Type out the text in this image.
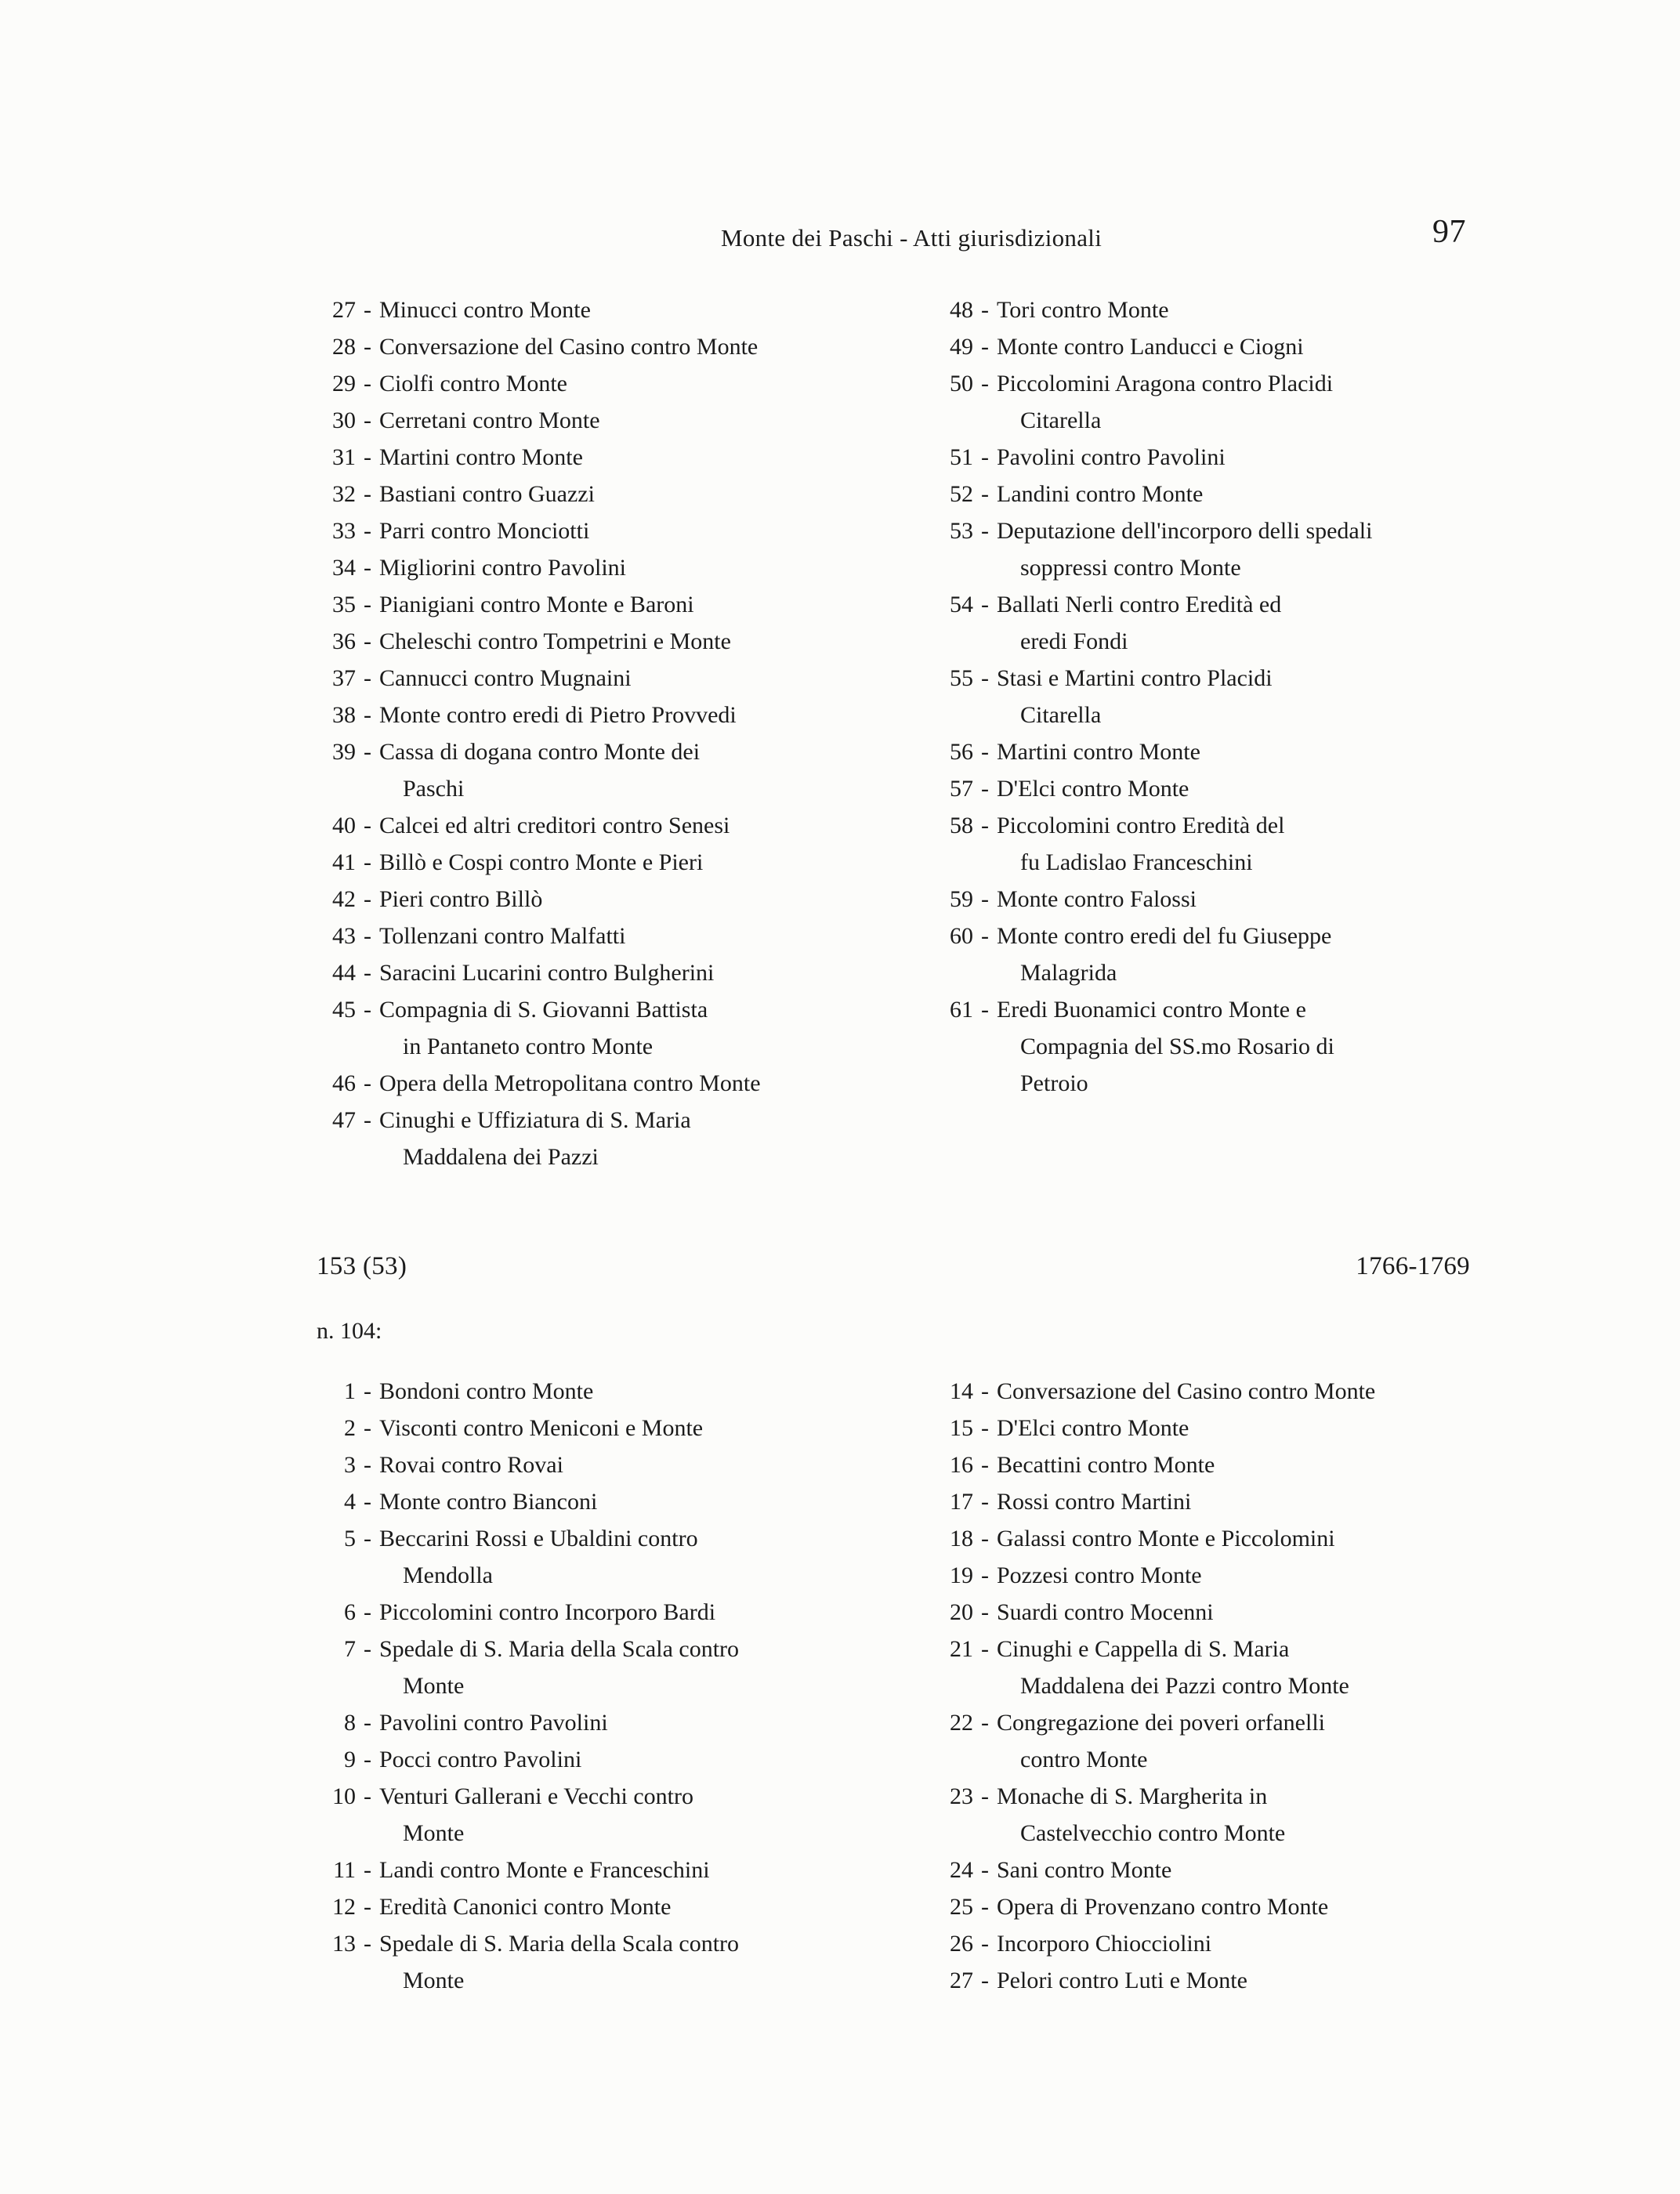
Monte dei Paschi - Atti giurisdizionali	97
27 - Minucci contro Monte
28 - Conversazione del Casino contro Monte
29 - Ciolfi contro Monte
30 - Cerretani contro Monte
31 - Martini contro Monte
32 - Bastiani contro Guazzi
33 - Parri contro Monciotti
34 - Migliorini contro Pavolini
35 - Pianigiani contro Monte e Baroni
36 - Cheleschi contro Tompetrini e Monte
37 - Cannucci contro Mugnaini
38 - Monte contro eredi di Pietro Provvedi
39 - Cassa di dogana contro Monte dei
Paschi
40 - Calcei ed altri creditori contro Senesi
41 - Billò e Cospi contro Monte e Pieri
42 - Pieri contro Billò
43 - Tollenzani contro Malfatti
44 - Saracini Lucarini contro Bulgherini
45 - Compagnia di S. Giovanni Battista
in Pantaneto contro Monte
46 - Opera della Metropolitana contro Monte
47 - Cinughi e Uffiziatura di S. Maria
Maddalena dei Pazzi
48 - Tori contro Monte
49 - Monte contro Landucci e Ciogni
50 - Piccolomini Aragona contro Placidi
Citarella
51 - Pavolini contro Pavolini
52 - Landini contro Monte
53 - Deputazione dell'incorporo delli spedali
soppressi contro Monte
54 - Ballati Nerli contro Eredità ed
eredi Fondi
55 - Stasi e Martini contro Placidi
Citarella
56 - Martini contro Monte
57 - D'Elci contro Monte
58 - Piccolomini contro Eredità del
fu Ladislao Franceschini
59 - Monte contro Falossi
60 - Monte contro eredi del fu Giuseppe
Malagrida
61 - Eredi Buonamici contro Monte e
Compagnia del SS.mo Rosario di
Petroio
153 (53)	1766-1769
n. 104:
1 - Bondoni contro Monte
2 - Visconti contro Meniconi e Monte
3 - Rovai contro Rovai
4 - Monte contro Bianconi
5 - Beccarini Rossi e Ubaldini contro
Mendolla
6 - Piccolomini contro Incorporo Bardi
7 - Spedale di S. Maria della Scala contro
Monte
8 - Pavolini contro Pavolini
9 - Pocci contro Pavolini
10 - Venturi Gallerani e Vecchi contro
Monte
11 - Landi contro Monte e Franceschini
12 - Eredità Canonici contro Monte
13 - Spedale di S. Maria della Scala contro
Monte
14 - Conversazione del Casino contro Monte
15 - D'Elci contro Monte
16 - Becattini contro Monte
17 - Rossi contro Martini
18 - Galassi contro Monte e Piccolomini
19 - Pozzesi contro Monte
20 - Suardi contro Mocenni
21 - Cinughi e Cappella di S. Maria
Maddalena dei Pazzi contro Monte
22 - Congregazione dei poveri orfanelli
contro Monte
23 - Monache di S. Margherita in
Castelvecchio contro Monte
24 - Sani contro Monte
25 - Opera di Provenzano contro Monte
26 - Incorporo Chiocciolini
27 - Pelori contro Luti e Monte
